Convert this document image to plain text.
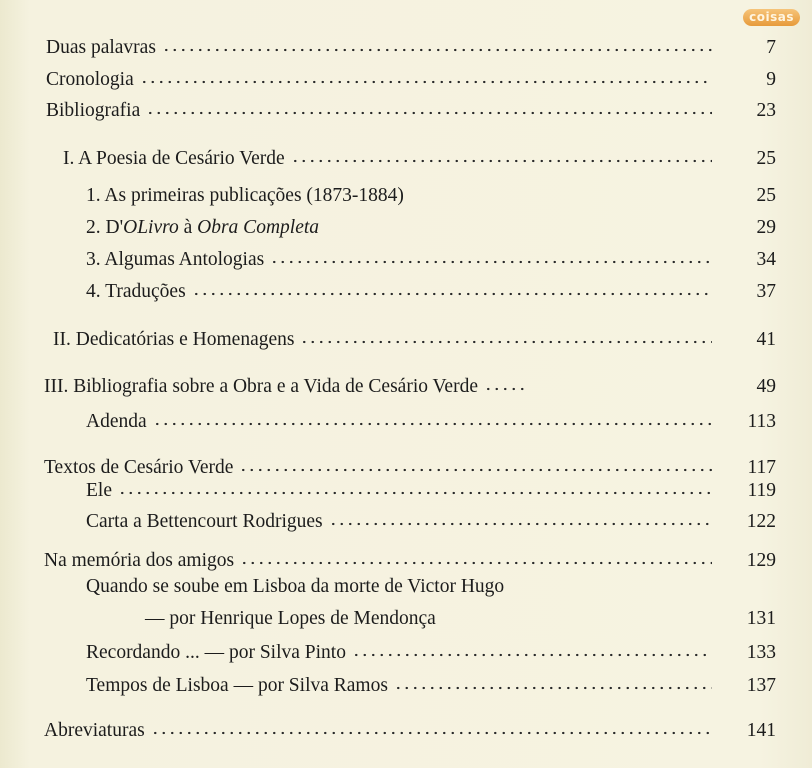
coisas
Duas palavras	7
Cronologia	9
Bibliografia	23
I. A Poesia de Cesário Verde	25
1. As primeiras publicações (1873-1884)	25
2. D'OLivro à Obra Completa	29
3. Algumas Antologias	34
4. Traduções	37
II. Dedicatórias e Homenagens	41
III. Bibliografia sobre a Obra e a Vida de Cesário Verde	49
Adenda	113
Textos de Cesário Verde	117
Ele	119
Carta a Bettencourt Rodrigues	122
Na memória dos amigos	129
Quando se soube em Lisboa da morte de Victor Hugo
— por Henrique Lopes de Mendonça	131
Recordando ... — por Silva Pinto	133
Tempos de Lisboa — por Silva Ramos	137
Abreviaturas	141
